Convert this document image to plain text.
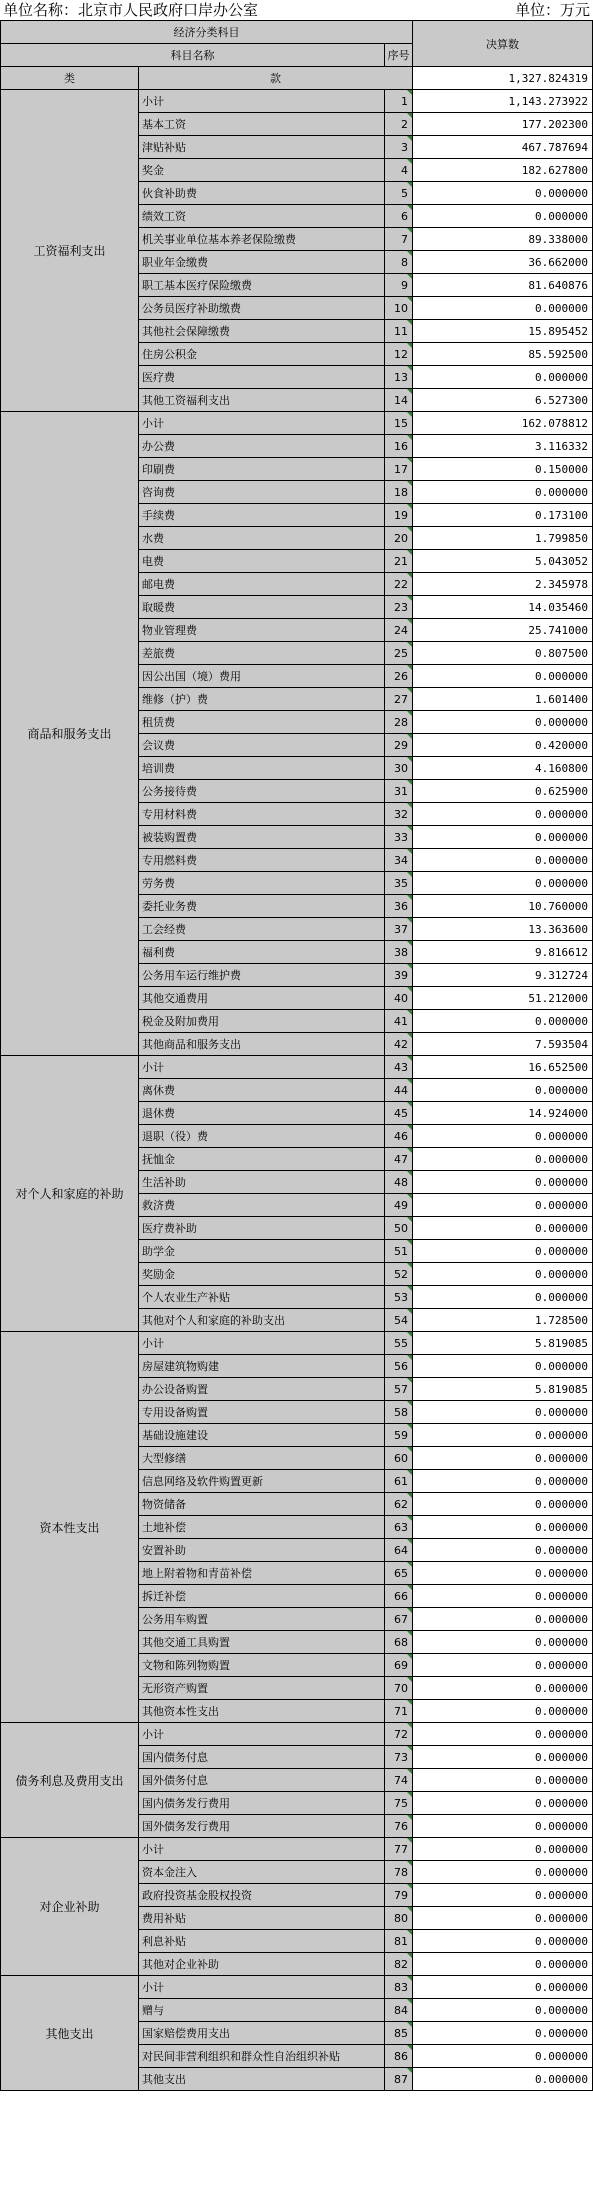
单位名称：北京市人民政府口岸办公室	单位：万元
经济分类科目			决算数
科目名称		序号	
类	款		1,327.824319
工资福利支出	小计	1	1,143.273922
	基本工资	2	177.202300
	津贴补贴	3	467.787694
	奖金	4	182.627800
	伙食补助费	5	0.000000
	绩效工资	6	0.000000
	机关事业单位基本养老保险缴费	7	89.338000
	职业年金缴费	8	36.662000
	职工基本医疗保险缴费	9	81.640876
	公务员医疗补助缴费	10	0.000000
	其他社会保障缴费	11	15.895452
	住房公积金	12	85.592500
	医疗费	13	0.000000
	其他工资福利支出	14	6.527300
商品和服务支出	小计	15	162.078812
	办公费	16	3.116332
	印刷费	17	0.150000
	咨询费	18	0.000000
	手续费	19	0.173100
	水费	20	1.799850
	电费	21	5.043052
	邮电费	22	2.345978
	取暖费	23	14.035460
	物业管理费	24	25.741000
	差旅费	25	0.807500
	因公出国（境）费用	26	0.000000
	维修（护）费	27	1.601400
	租赁费	28	0.000000
	会议费	29	0.420000
	培训费	30	4.160800
	公务接待费	31	0.625900
	专用材料费	32	0.000000
	被装购置费	33	0.000000
	专用燃料费	34	0.000000
	劳务费	35	0.000000
	委托业务费	36	10.760000
	工会经费	37	13.363600
	福利费	38	9.816612
	公务用车运行维护费	39	9.312724
	其他交通费用	40	51.212000
	税金及附加费用	41	0.000000
	其他商品和服务支出	42	7.593504
对个人和家庭的补助	小计	43	16.652500
	离休费	44	0.000000
	退休费	45	14.924000
	退职（役）费	46	0.000000
	抚恤金	47	0.000000
	生活补助	48	0.000000
	救济费	49	0.000000
	医疗费补助	50	0.000000
	助学金	51	0.000000
	奖励金	52	0.000000
	个人农业生产补贴	53	0.000000
	其他对个人和家庭的补助支出	54	1.728500
资本性支出	小计	55	5.819085
	房屋建筑物购建	56	0.000000
	办公设备购置	57	5.819085
	专用设备购置	58	0.000000
	基础设施建设	59	0.000000
	大型修缮	60	0.000000
	信息网络及软件购置更新	61	0.000000
	物资储备	62	0.000000
	土地补偿	63	0.000000
	安置补助	64	0.000000
	地上附着物和青苗补偿	65	0.000000
	拆迁补偿	66	0.000000
	公务用车购置	67	0.000000
	其他交通工具购置	68	0.000000
	文物和陈列物购置	69	0.000000
	无形资产购置	70	0.000000
	其他资本性支出	71	0.000000
债务利息及费用支出	小计	72	0.000000
	国内债务付息	73	0.000000
	国外债务付息	74	0.000000
	国内债务发行费用	75	0.000000
	国外债务发行费用	76	0.000000
对企业补助	小计	77	0.000000
	资本金注入	78	0.000000
	政府投资基金股权投资	79	0.000000
	费用补贴	80	0.000000
	利息补贴	81	0.000000
	其他对企业补助	82	0.000000
其他支出	小计	83	0.000000
	赠与	84	0.000000
	国家赔偿费用支出	85	0.000000
	对民间非营利组织和群众性自治组织补贴	86	0.000000
	其他支出	87	0.000000
